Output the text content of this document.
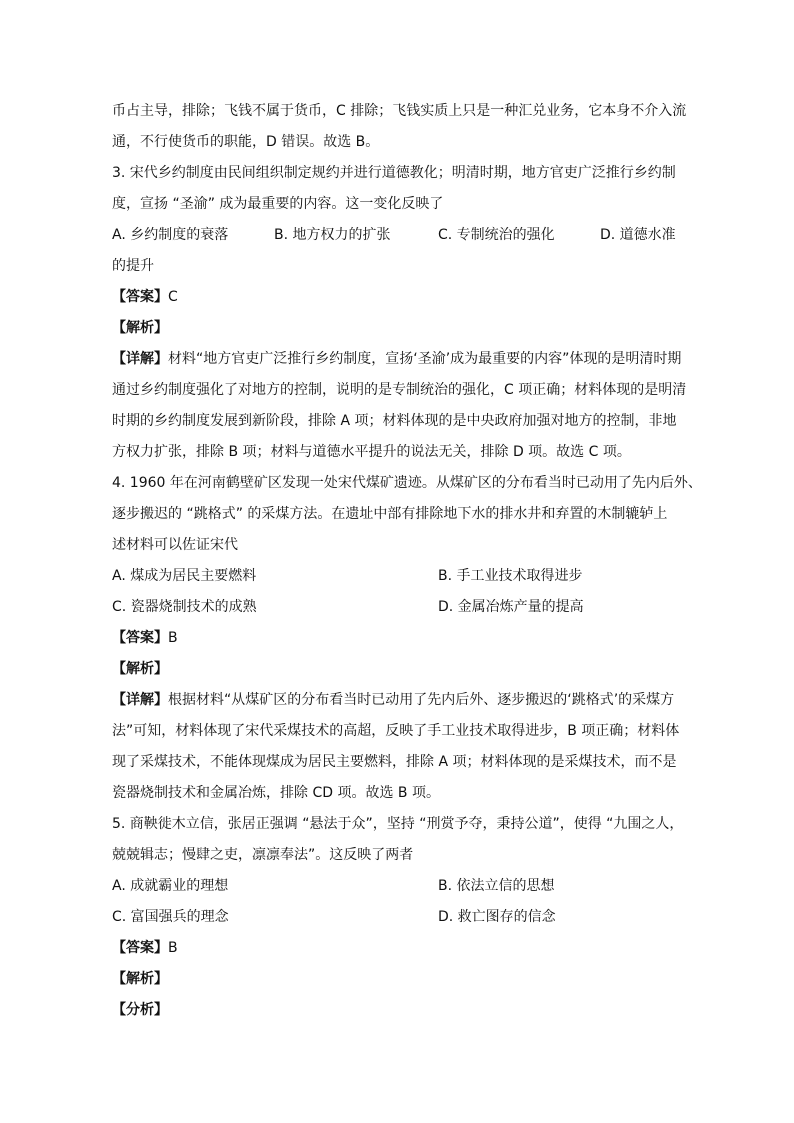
币占主导，排除；飞钱不属于货币，C 排除；飞钱实质上只是一种汇兑业务，它本身不介入流
通，不行使货币的职能，D 错误。故选 B。
3. 宋代乡约制度由民间组织制定规约并进行道德教化；明清时期，地方官吏广泛推行乡约制
度，宣扬 “圣渝” 成为最重要的内容。这一变化反映了
A. 乡约制度的衰落	B. 地方权力的扩张	C. 专制统治的强化	D. 道德水准
的提升
【答案】C
【解析】
【详解】材料“地方官吏广泛推行乡约制度，宣扬‘圣渝’成为最重要的内容”体现的是明清时期
通过乡约制度强化了对地方的控制，说明的是专制统治的强化，C 项正确；材料体现的是明清
时期的乡约制度发展到新阶段，排除 A 项；材料体现的是中央政府加强对地方的控制，非地
方权力扩张，排除 B 项；材料与道德水平提升的说法无关，排除 D 项。故选 C 项。
4. 1960 年在河南鹤壁矿区发现一处宋代煤矿遗迹。从煤矿区的分布看当时已动用了先内后外、
逐步搬迟的 “跳格式” 的采煤方法。在遗址中部有排除地下水的排水井和弃置的木制辘轳上
述材料可以佐证宋代
A. 煤成为居民主要燃料	B. 手工业技术取得进步
C. 瓷器烧制技术的成熟	D. 金属冶炼产量的提高
【答案】B
【解析】
【详解】根据材料“从煤矿区的分布看当时已动用了先内后外、逐步搬迟的‘跳格式’的采煤方
法”可知，材料体现了宋代采煤技术的高超，反映了手工业技术取得进步，B 项正确；材料体
现了采煤技术，不能体现煤成为居民主要燃料，排除 A 项；材料体现的是采煤技术，而不是
瓷器烧制技术和金属冶炼，排除 CD 项。故选 B 项。
5. 商鞅徙木立信，张居正强调 “悬法于众”，坚持 “刑赏予夺，秉持公道”，使得 “九围之人，
兢兢辑志；慢肆之吏，凛凛奉法”。这反映了两者
A. 成就霸业的理想	B. 依法立信的思想
C. 富国强兵的理念	D. 救亡图存的信念
【答案】B
【解析】
【分析】
